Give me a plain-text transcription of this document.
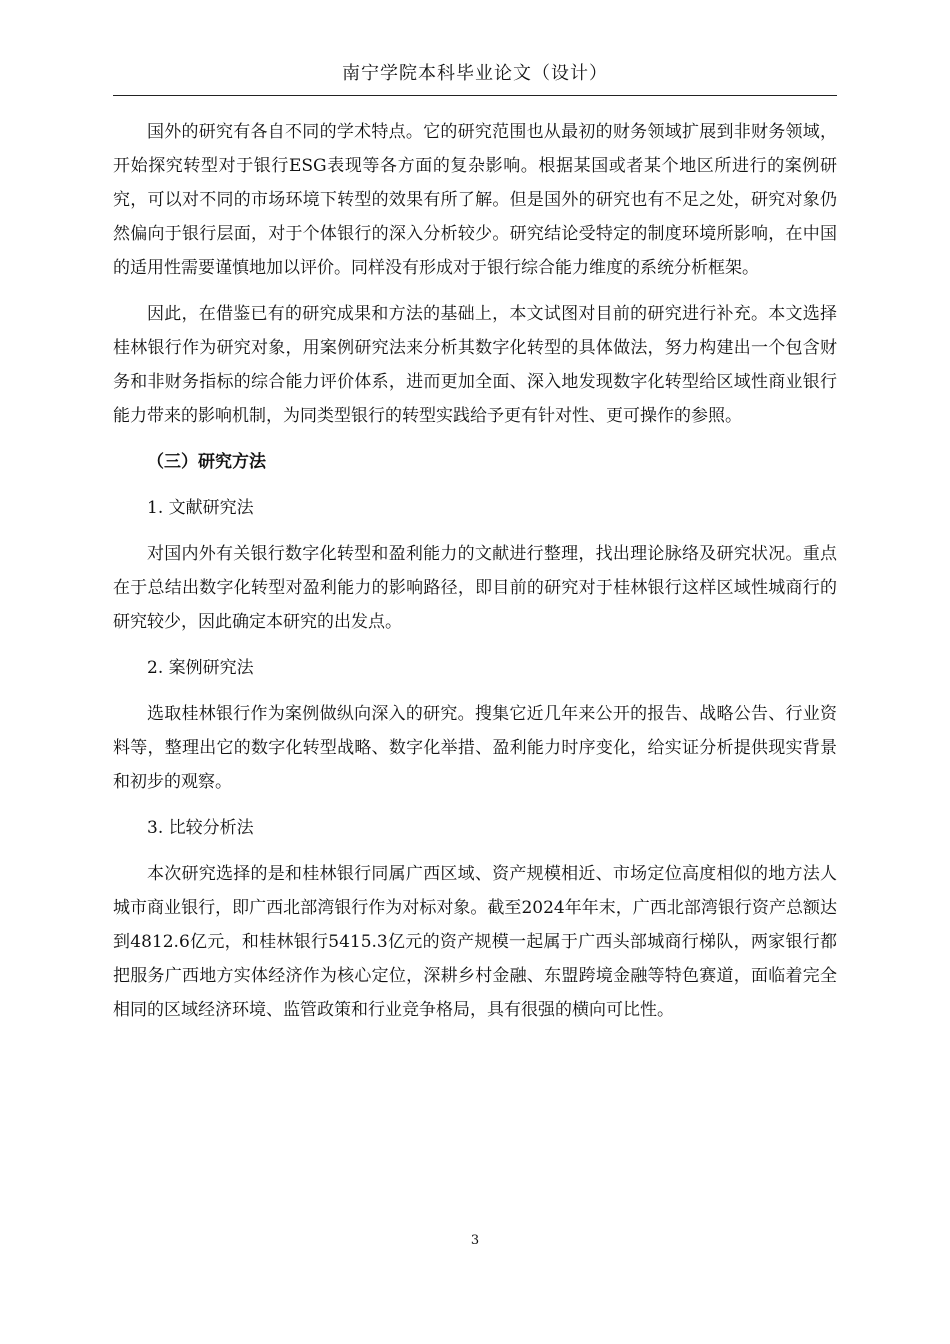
南宁学院本科毕业论文（设计）

国外的研究有各自不同的学术特点。它的研究范围也从最初的财务领域扩展到非财务领域，开始探究转型对于银行ESG表现等各方面的复杂影响。根据某国或者某个地区所进行的案例研究，可以对不同的市场环境下转型的效果有所了解。但是国外的研究也有不足之处，研究对象仍然偏向于银行层面，对于个体银行的深入分析较少。研究结论受特定的制度环境所影响，在中国的适用性需要谨慎地加以评价。同样没有形成对于银行综合能力维度的系统分析框架。

因此，在借鉴已有的研究成果和方法的基础上，本文试图对目前的研究进行补充。本文选择桂林银行作为研究对象，用案例研究法来分析其数字化转型的具体做法，努力构建出一个包含财务和非财务指标的综合能力评价体系，进而更加全面、深入地发现数字化转型给区域性商业银行能力带来的影响机制，为同类型银行的转型实践给予更有针对性、更可操作的参照。

（三）研究方法

1. 文献研究法

对国内外有关银行数字化转型和盈利能力的文献进行整理，找出理论脉络及研究状况。重点在于总结出数字化转型对盈利能力的影响路径，即目前的研究对于桂林银行这样区域性城商行的研究较少，因此确定本研究的出发点。

2. 案例研究法

选取桂林银行作为案例做纵向深入的研究。搜集它近几年来公开的报告、战略公告、行业资料等，整理出它的数字化转型战略、数字化举措、盈利能力时序变化，给实证分析提供现实背景和初步的观察。

3. 比较分析法

本次研究选择的是和桂林银行同属广西区域、资产规模相近、市场定位高度相似的地方法人城市商业银行，即广西北部湾银行作为对标对象。截至2024年年末，广西北部湾银行资产总额达到4812.6亿元，和桂林银行5415.3亿元的资产规模一起属于广西头部城商行梯队，两家银行都把服务广西地方实体经济作为核心定位，深耕乡村金融、东盟跨境金融等特色赛道，面临着完全相同的区域经济环境、监管政策和行业竞争格局，具有很强的横向可比性。

3
